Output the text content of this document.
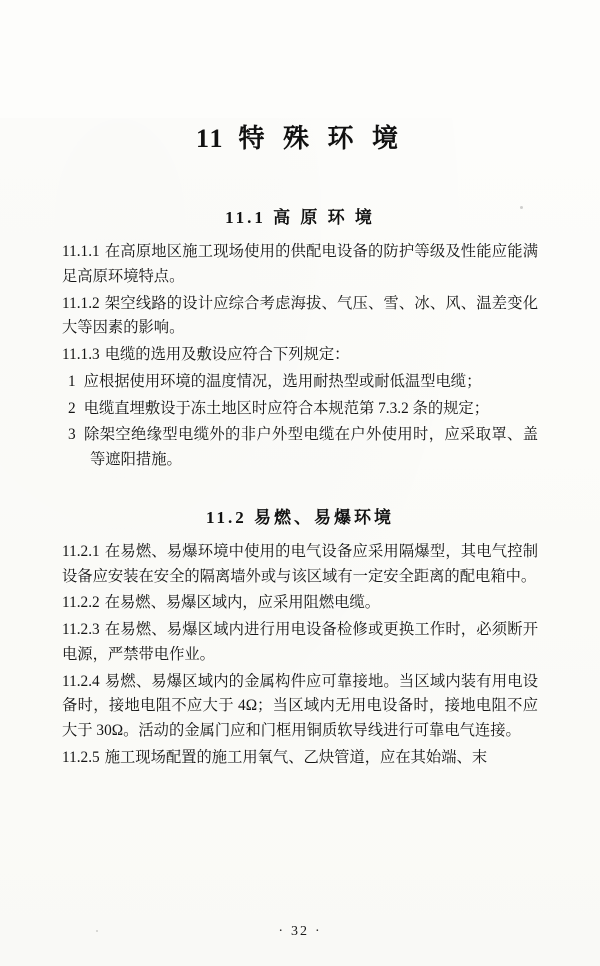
11 特 殊 环 境
11.1 高 原 环 境

11.1.1 在高原地区施工现场使用的供配电设备的防护等级及性能应能满足高原环境特点。

11.1.2 架空线路的设计应综合考虑海拔、气压、雪、冰、风、温差变化大等因素的影响。

11.1.3 电缆的选用及敷设应符合下列规定：

1 应根据使用环境的温度情况，选用耐热型或耐低温型电缆；

2 电缆直埋敷设于冻土地区时应符合本规范第 7.3.2 条的规定；

3 除架空绝缘型电缆外的非户外型电缆在户外使用时，应采取罩、盖等遮阳措施。

11.2 易燃、易爆环境

11.2.1 在易燃、易爆环境中使用的电气设备应采用隔爆型，其电气控制设备应安装在安全的隔离墙外或与该区域有一定安全距离的配电箱中。

11.2.2 在易燃、易爆区域内，应采用阻燃电缆。

11.2.3 在易燃、易爆区域内进行用电设备检修或更换工作时，必须断开电源，严禁带电作业。

11.2.4 易燃、易爆区域内的金属构件应可靠接地。当区域内装有用电设备时，接地电阻不应大于 4Ω；当区域内无用电设备时，接地电阻不应大于 30Ω。活动的金属门应和门框用铜质软导线进行可靠电气连接。

11.2.5 施工现场配置的施工用氧气、乙炔管道，应在其始端、末

· 32 ·
